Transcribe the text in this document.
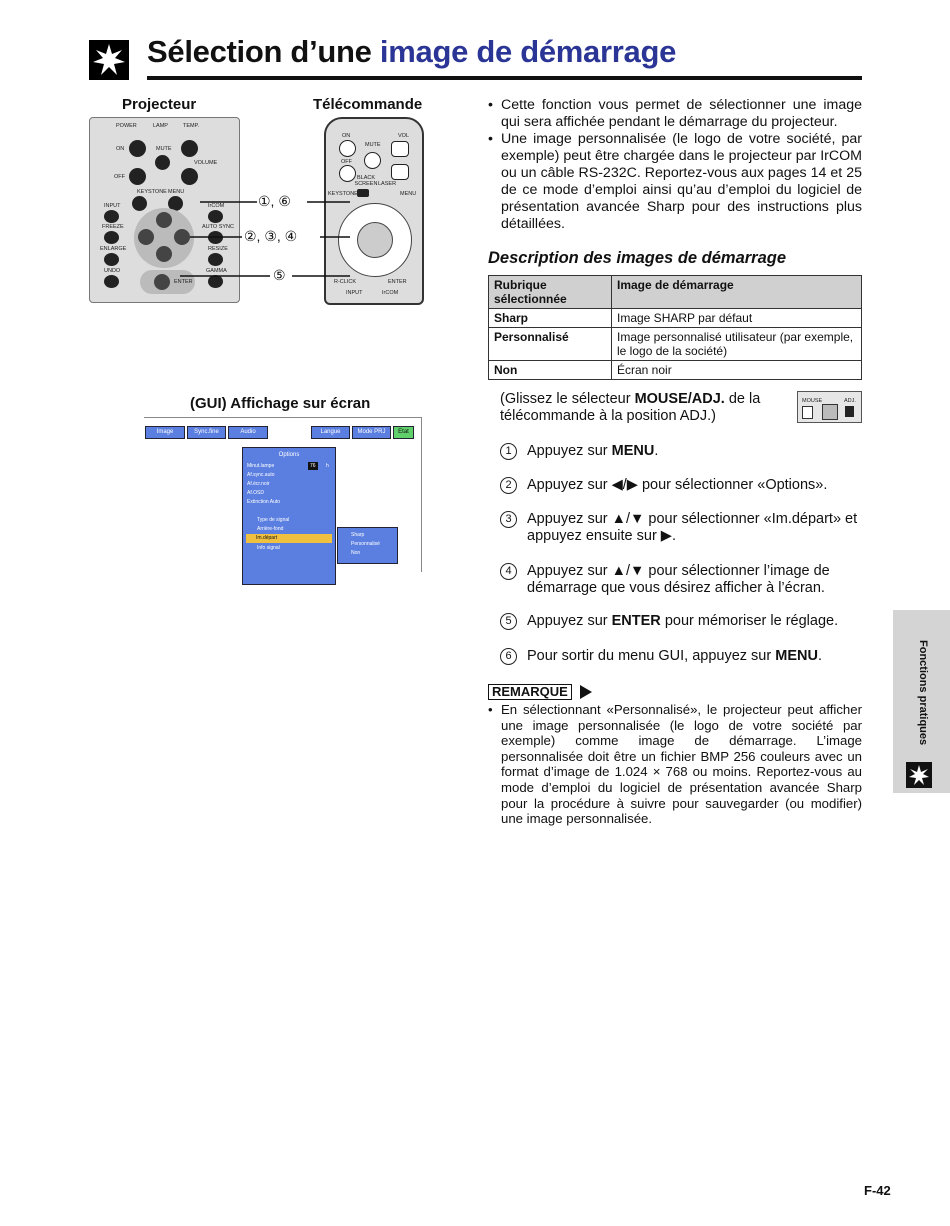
Sélection d’une image de démarrage
Projecteur	Télécommande
POWER	LAMP	TEMP.
ON	MUTE
VOLUME
OFF
KEYSTONE MENU
INPUT	IrCOM
FREEZE	AUTO SYNC
ENLARGE	RESIZE
UNDO	GAMMA
ENTER
ON
MUTE
VOL
OFF
BLACK SCREEN LASER
KEYSTONE	MENU
R-CLICK	ENTER
INPUT	IrCOM
①, ⑥
②, ③, ④
⑤
(GUI) Affichage sur écran
Image	Sync.fine	Audio	Langue	Mode PRJ	Etat
Options
Minut.lampe	76	h
Af.sync.auto
Af.écr.noir
Af.OSD
Extinction Auto
Type de signal
Arrière-fond
Im.départ
Info signal
Sharp
Personnalisé
Non
• Cette fonction vous permet de sélectionner une image qui sera affichée pendant le démarrage du projecteur.
• Une image personnalisée (le logo de votre société, par exemple) peut être chargée dans le projecteur par IrCOM ou un câble RS-232C. Reportez-vous aux pages 14 et 25 de ce mode d’emploi ainsi qu’au d’emploi du logiciel de présentation avancée Sharp pour des instructions plus détaillées.
Description des images de démarrage
Rubrique sélectionnée	Image de démarrage
Sharp	Image SHARP par défaut
Personnalisé	Image personnalisé utilisateur (par exemple, le logo de la société)
Non	Écran noir
(Glissez le sélecteur MOUSE/ADJ. de la télécommande à la position ADJ.)
MOUSE	ADJ.
1	Appuyez sur MENU.
2	Appuyez sur ◀/▶ pour sélectionner «Options».
3	Appuyez sur ▲/▼ pour sélectionner «Im.départ» et appuyez ensuite sur ▶.
4	Appuyez sur ▲/▼ pour sélectionner l’image de démarrage que vous désirez afficher à l’écran.
5	Appuyez sur ENTER pour mémoriser le réglage.
6	Pour sortir du menu GUI, appuyez sur MENU.
REMARQUE
• En sélectionnant «Personnalisé», le projecteur peut afficher une image personnalisée (le logo de votre société par exemple) comme image de démarrage. L’image personnalisée doit être un fichier BMP 256 couleurs avec un format d’image de 1.024 × 768 ou moins. Reportez-vous au mode d’emploi du logiciel de présentation avancée Sharp pour la procédure à suivre pour sauvegarder (ou modifier) une image personnalisée.
Fonctions pratiques
F-42
